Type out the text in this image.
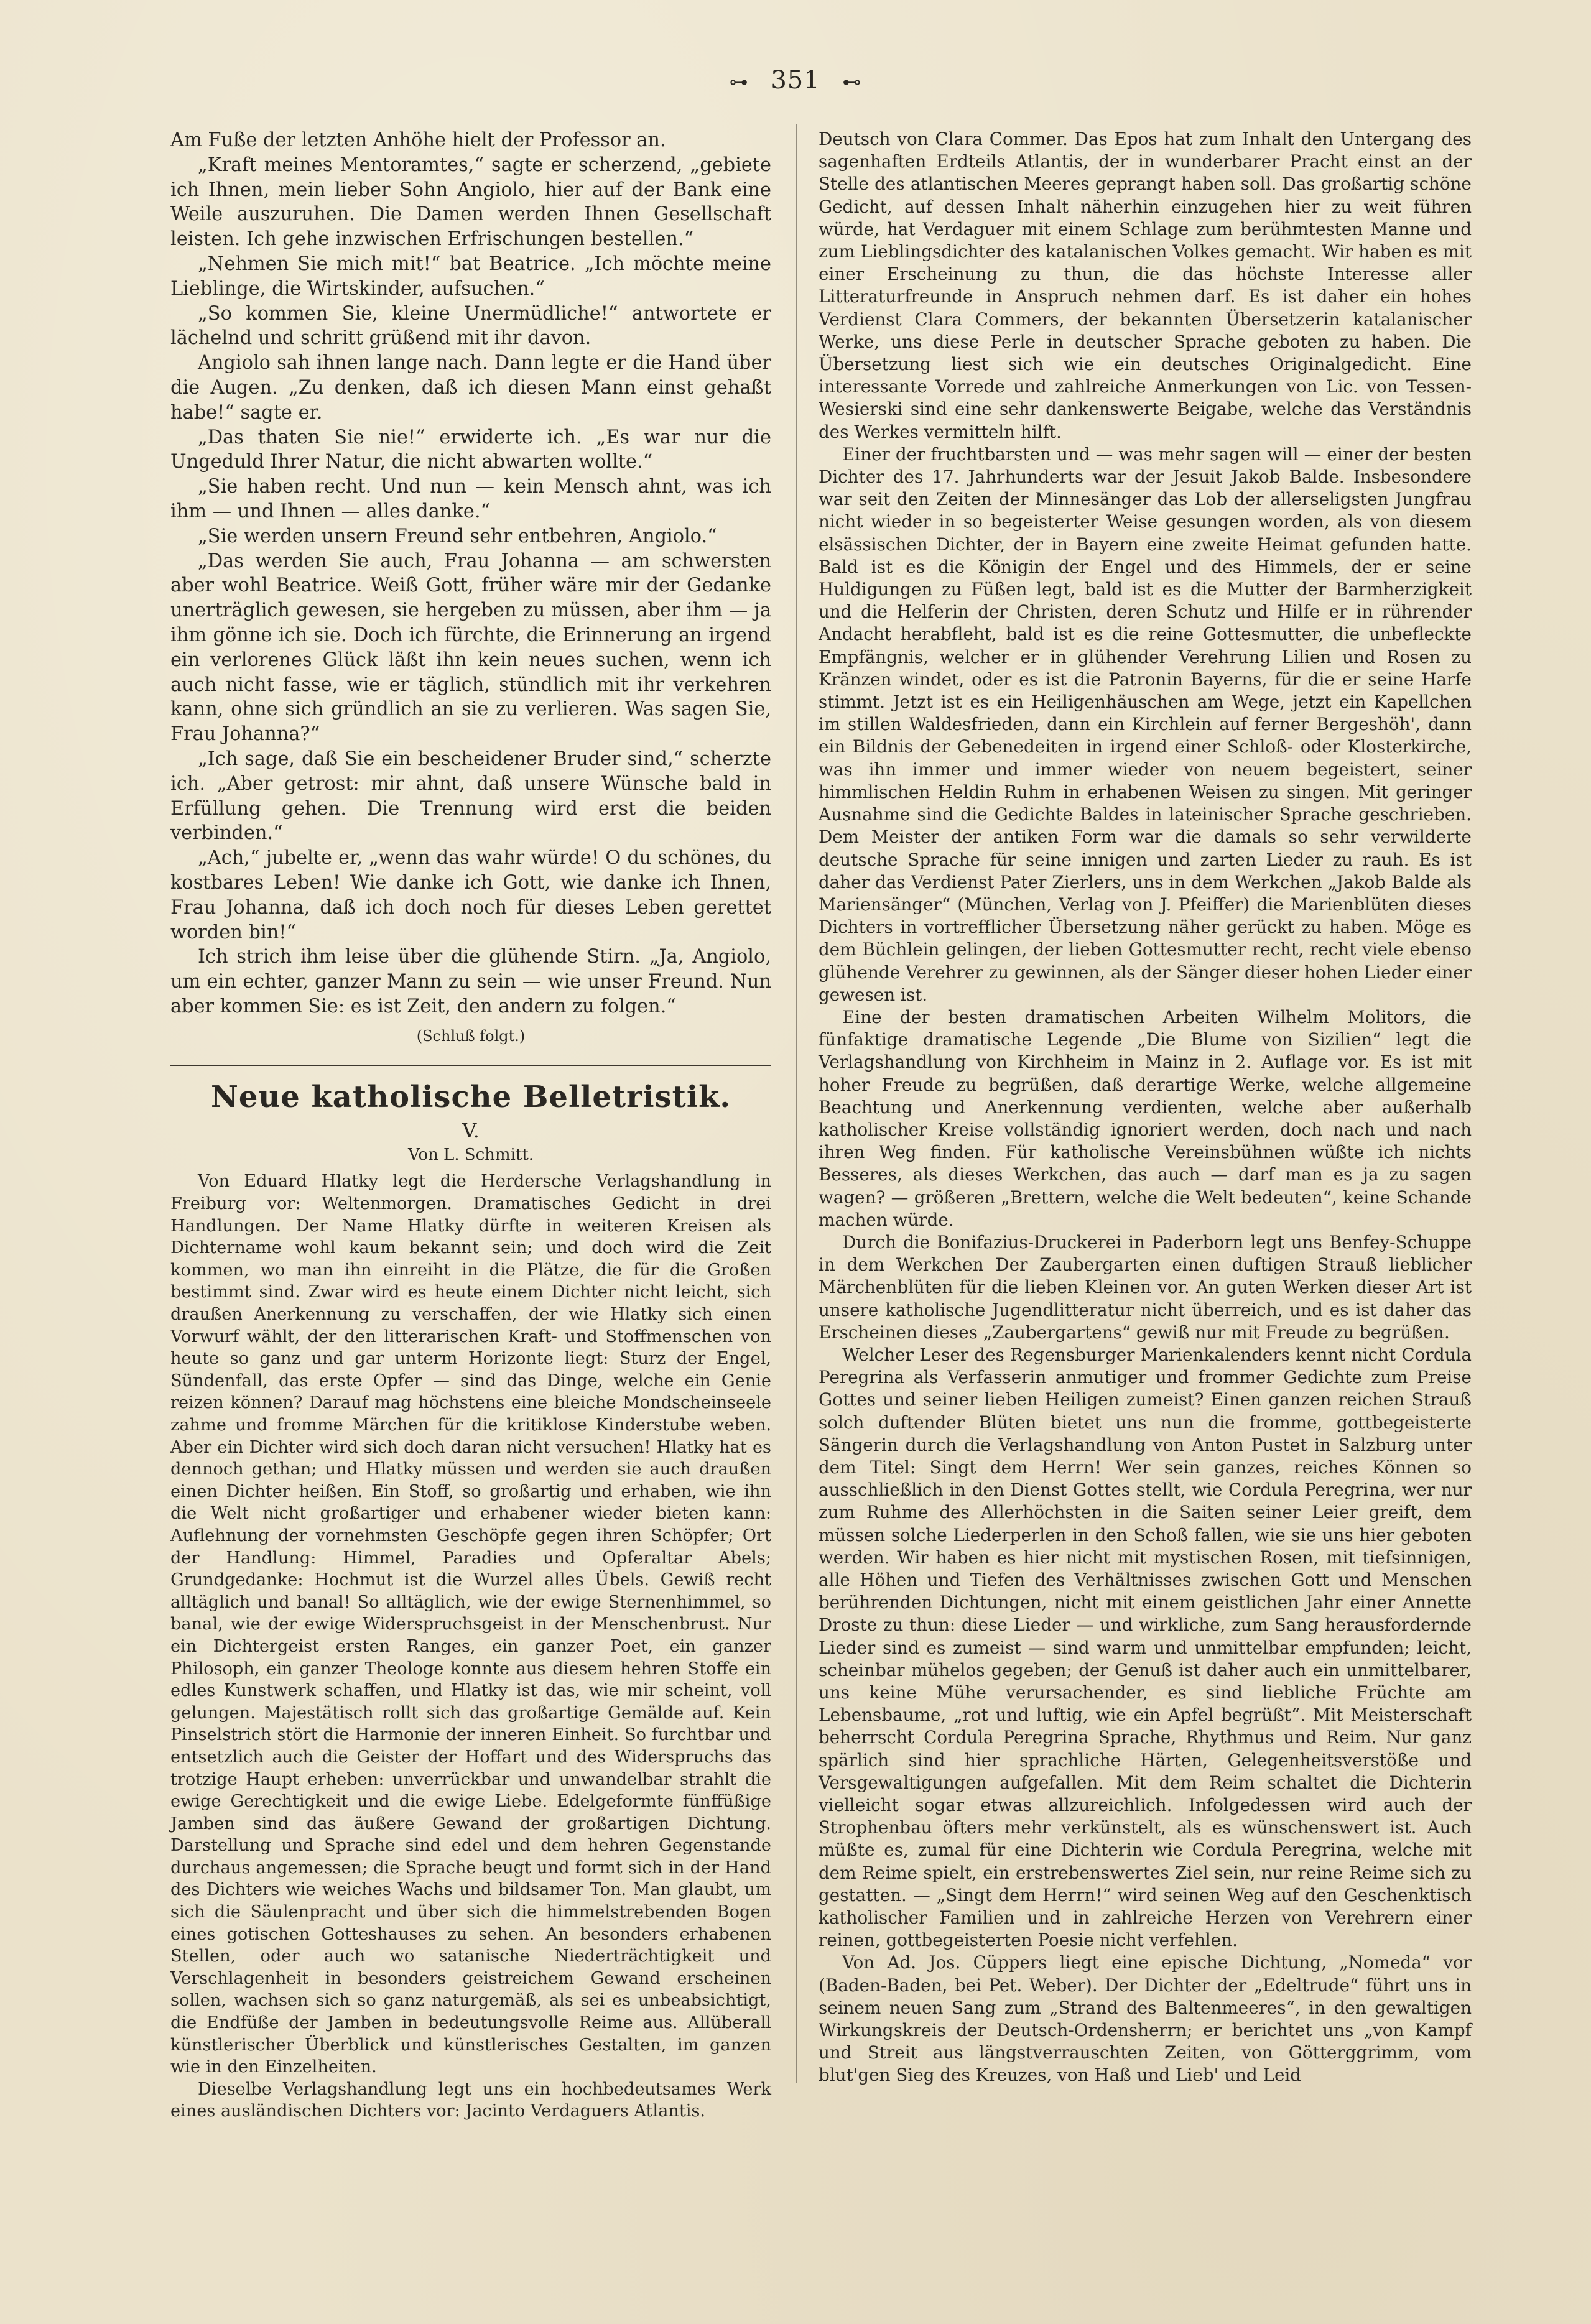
⊶ 351 ⊷

Am Fuße der letzten Anhöhe hielt der Professor an.

„Kraft meines Mentoramtes,“ sagte er scherzend, „gebiete ich Ihnen, mein lieber Sohn Angiolo, hier auf der Bank eine Weile auszuruhen. Die Damen werden Ihnen Gesellschaft leisten. Ich gehe inzwischen Erfrischungen bestellen.“

„Nehmen Sie mich mit!“ bat Beatrice. „Ich möchte meine Lieblinge, die Wirtskinder, aufsuchen.“

„So kommen Sie, kleine Unermüdliche!“ antwortete er lächelnd und schritt grüßend mit ihr davon.

Angiolo sah ihnen lange nach. Dann legte er die Hand über die Augen. „Zu denken, daß ich diesen Mann einst gehaßt habe!“ sagte er.

„Das thaten Sie nie!“ erwiderte ich. „Es war nur die Ungeduld Ihrer Natur, die nicht abwarten wollte.“

„Sie haben recht. Und nun — kein Mensch ahnt, was ich ihm — und Ihnen — alles danke.“

„Sie werden unsern Freund sehr entbehren, Angiolo.“

„Das werden Sie auch, Frau Johanna — am schwersten aber wohl Beatrice. Weiß Gott, früher wäre mir der Gedanke unerträglich gewesen, sie hergeben zu müssen, aber ihm — ja ihm gönne ich sie. Doch ich fürchte, die Erinnerung an irgend ein verlorenes Glück läßt ihn kein neues suchen, wenn ich auch nicht fasse, wie er täglich, stündlich mit ihr verkehren kann, ohne sich gründlich an sie zu verlieren. Was sagen Sie, Frau Johanna?“

„Ich sage, daß Sie ein bescheidener Bruder sind,“ scherzte ich. „Aber getrost: mir ahnt, daß unsere Wünsche bald in Erfüllung gehen. Die Trennung wird erst die beiden verbinden.“

„Ach,“ jubelte er, „wenn das wahr würde! O du schönes, du kostbares Leben! Wie danke ich Gott, wie danke ich Ihnen, Frau Johanna, daß ich doch noch für dieses Leben gerettet worden bin!“

Ich strich ihm leise über die glühende Stirn. „Ja, Angiolo, um ein echter, ganzer Mann zu sein — wie unser Freund. Nun aber kommen Sie: es ist Zeit, den andern zu folgen.“

(Schluß folgt.)
Neue katholische Belletristik.
V.
Von L. Schmitt.

Von Eduard Hlatky legt die Herdersche Verlagshandlung in Freiburg vor: Weltenmorgen. Dramatisches Gedicht in drei Handlungen. Der Name Hlatky dürfte in weiteren Kreisen als Dichtername wohl kaum bekannt sein; und doch wird die Zeit kommen, wo man ihn einreiht in die Plätze, die für die Großen bestimmt sind. Zwar wird es heute einem Dichter nicht leicht, sich draußen Anerkennung zu verschaffen, der wie Hlatky sich einen Vorwurf wählt, der den litterarischen Kraft- und Stoffmenschen von heute so ganz und gar unterm Horizonte liegt: Sturz der Engel, Sündenfall, das erste Opfer — sind das Dinge, welche ein Genie reizen können? Darauf mag höchstens eine bleiche Mondscheinseele zahme und fromme Märchen für die kritiklose Kinderstube weben. Aber ein Dichter wird sich doch daran nicht versuchen! Hlatky hat es dennoch gethan; und Hlatky müssen und werden sie auch draußen einen Dichter heißen. Ein Stoff, so großartig und erhaben, wie ihn die Welt nicht großartiger und erhabener wieder bieten kann: Auflehnung der vornehmsten Geschöpfe gegen ihren Schöpfer; Ort der Handlung: Himmel, Paradies und Opferaltar Abels; Grundgedanke: Hochmut ist die Wurzel alles Übels. Gewiß recht alltäglich und banal! So alltäglich, wie der ewige Sternenhimmel, so banal, wie der ewige Widerspruchsgeist in der Menschenbrust. Nur ein Dichtergeist ersten Ranges, ein ganzer Poet, ein ganzer Philosoph, ein ganzer Theologe konnte aus diesem hehren Stoffe ein edles Kunstwerk schaffen, und Hlatky ist das, wie mir scheint, voll gelungen. Majestätisch rollt sich das großartige Gemälde auf. Kein Pinselstrich stört die Harmonie der inneren Einheit. So furchtbar und entsetzlich auch die Geister der Hoffart und des Widerspruchs das trotzige Haupt erheben: unverrückbar und unwandelbar strahlt die ewige Gerechtigkeit und die ewige Liebe. Edelgeformte fünffüßige Jamben sind das äußere Gewand der großartigen Dichtung. Darstellung und Sprache sind edel und dem hehren Gegenstande durchaus angemessen; die Sprache beugt und formt sich in der Hand des Dichters wie weiches Wachs und bildsamer Ton. Man glaubt, um sich die Säulenpracht und über sich die himmelstrebenden Bogen eines gotischen Gotteshauses zu sehen. An besonders erhabenen Stellen, oder auch wo satanische Niederträchtigkeit und Verschlagenheit in besonders geistreichem Gewand erscheinen sollen, wachsen sich so ganz naturgemäß, als sei es unbeabsichtigt, die Endfüße der Jamben in bedeutungsvolle Reime aus. Allüberall künstlerischer Überblick und künstlerisches Gestalten, im ganzen wie in den Einzelheiten.

Dieselbe Verlagshandlung legt uns ein hochbedeutsames Werk eines ausländischen Dichters vor: Jacinto Verdaguers Atlantis.

Deutsch von Clara Commer. Das Epos hat zum Inhalt den Untergang des sagenhaften Erdteils Atlantis, der in wunderbarer Pracht einst an der Stelle des atlantischen Meeres geprangt haben soll. Das großartig schöne Gedicht, auf dessen Inhalt näherhin einzugehen hier zu weit führen würde, hat Verdaguer mit einem Schlage zum berühmtesten Manne und zum Lieblingsdichter des katalanischen Volkes gemacht. Wir haben es mit einer Erscheinung zu thun, die das höchste Interesse aller Litteraturfreunde in Anspruch nehmen darf. Es ist daher ein hohes Verdienst Clara Commers, der bekannten Übersetzerin katalanischer Werke, uns diese Perle in deutscher Sprache geboten zu haben. Die Übersetzung liest sich wie ein deutsches Originalgedicht. Eine interessante Vorrede und zahlreiche Anmerkungen von Lic. von Tessen-Wesierski sind eine sehr dankenswerte Beigabe, welche das Verständnis des Werkes vermitteln hilft.

Einer der fruchtbarsten und — was mehr sagen will — einer der besten Dichter des 17. Jahrhunderts war der Jesuit Jakob Balde. Insbesondere war seit den Zeiten der Minnesänger das Lob der allerseligsten Jungfrau nicht wieder in so begeisterter Weise gesungen worden, als von diesem elsässischen Dichter, der in Bayern eine zweite Heimat gefunden hatte. Bald ist es die Königin der Engel und des Himmels, der er seine Huldigungen zu Füßen legt, bald ist es die Mutter der Barmherzigkeit und die Helferin der Christen, deren Schutz und Hilfe er in rührender Andacht herabfleht, bald ist es die reine Gottesmutter, die unbefleckte Empfängnis, welcher er in glühender Verehrung Lilien und Rosen zu Kränzen windet, oder es ist die Patronin Bayerns, für die er seine Harfe stimmt. Jetzt ist es ein Heiligenhäuschen am Wege, jetzt ein Kapellchen im stillen Waldesfrieden, dann ein Kirchlein auf ferner Bergeshöh', dann ein Bildnis der Gebenedeiten in irgend einer Schloß- oder Klosterkirche, was ihn immer und immer wieder von neuem begeistert, seiner himmlischen Heldin Ruhm in erhabenen Weisen zu singen. Mit geringer Ausnahme sind die Gedichte Baldes in lateinischer Sprache geschrieben. Dem Meister der antiken Form war die damals so sehr verwilderte deutsche Sprache für seine innigen und zarten Lieder zu rauh. Es ist daher das Verdienst Pater Zierlers, uns in dem Werkchen „Jakob Balde als Mariensänger“ (München, Verlag von J. Pfeiffer) die Marienblüten dieses Dichters in vortrefflicher Übersetzung näher gerückt zu haben. Möge es dem Büchlein gelingen, der lieben Gottesmutter recht, recht viele ebenso glühende Verehrer zu gewinnen, als der Sänger dieser hohen Lieder einer gewesen ist.

Eine der besten dramatischen Arbeiten Wilhelm Molitors, die fünfaktige dramatische Legende „Die Blume von Sizilien“ legt die Verlagshandlung von Kirchheim in Mainz in 2. Auflage vor. Es ist mit hoher Freude zu begrüßen, daß derartige Werke, welche allgemeine Beachtung und Anerkennung verdienten, welche aber außerhalb katholischer Kreise vollständig ignoriert werden, doch nach und nach ihren Weg finden. Für katholische Vereinsbühnen wüßte ich nichts Besseres, als dieses Werkchen, das auch — darf man es ja zu sagen wagen? — größeren „Brettern, welche die Welt bedeuten“, keine Schande machen würde.

Durch die Bonifazius-Druckerei in Paderborn legt uns Benfey-Schuppe in dem Werkchen Der Zaubergarten einen duftigen Strauß lieblicher Märchenblüten für die lieben Kleinen vor. An guten Werken dieser Art ist unsere katholische Jugendlitteratur nicht überreich, und es ist daher das Erscheinen dieses „Zaubergartens“ gewiß nur mit Freude zu begrüßen.

Welcher Leser des Regensburger Marienkalenders kennt nicht Cordula Peregrina als Verfasserin anmutiger und frommer Gedichte zum Preise Gottes und seiner lieben Heiligen zumeist? Einen ganzen reichen Strauß solch duftender Blüten bietet uns nun die fromme, gottbegeisterte Sängerin durch die Verlagshandlung von Anton Pustet in Salzburg unter dem Titel: Singt dem Herrn! Wer sein ganzes, reiches Können so ausschließlich in den Dienst Gottes stellt, wie Cordula Peregrina, wer nur zum Ruhme des Allerhöchsten in die Saiten seiner Leier greift, dem müssen solche Liederperlen in den Schoß fallen, wie sie uns hier geboten werden. Wir haben es hier nicht mit mystischen Rosen, mit tiefsinnigen, alle Höhen und Tiefen des Verhältnisses zwischen Gott und Menschen berührenden Dichtungen, nicht mit einem geistlichen Jahr einer Annette Droste zu thun: diese Lieder — und wirkliche, zum Sang herausfordernde Lieder sind es zumeist — sind warm und unmittelbar empfunden; leicht, scheinbar mühelos gegeben; der Genuß ist daher auch ein unmittelbarer, uns keine Mühe verursachender, es sind liebliche Früchte am Lebensbaume, „rot und luftig, wie ein Apfel begrüßt“. Mit Meisterschaft beherrscht Cordula Peregrina Sprache, Rhythmus und Reim. Nur ganz spärlich sind hier sprachliche Härten, Gelegenheitsverstöße und Versgewaltigungen aufgefallen. Mit dem Reim schaltet die Dichterin vielleicht sogar etwas allzureichlich. Infolgedessen wird auch der Strophenbau öfters mehr verkünstelt, als es wünschenswert ist. Auch müßte es, zumal für eine Dichterin wie Cordula Peregrina, welche mit dem Reime spielt, ein erstrebenswertes Ziel sein, nur reine Reime sich zu gestatten. — „Singt dem Herrn!“ wird seinen Weg auf den Geschenktisch katholischer Familien und in zahlreiche Herzen von Verehrern einer reinen, gottbegeisterten Poesie nicht verfehlen.

Von Ad. Jos. Cüppers liegt eine epische Dichtung, „Nomeda“ vor (Baden-Baden, bei Pet. Weber). Der Dichter der „Edeltrude“ führt uns in seinem neuen Sang zum „Strand des Baltenmeeres“, in den gewaltigen Wirkungskreis der Deutsch-Ordensherrn; er berichtet uns „von Kampf und Streit aus längstverrauschten Zeiten, von Götterggrimm, vom blut'gen Sieg des Kreuzes, von Haß und Lieb' und Leid
